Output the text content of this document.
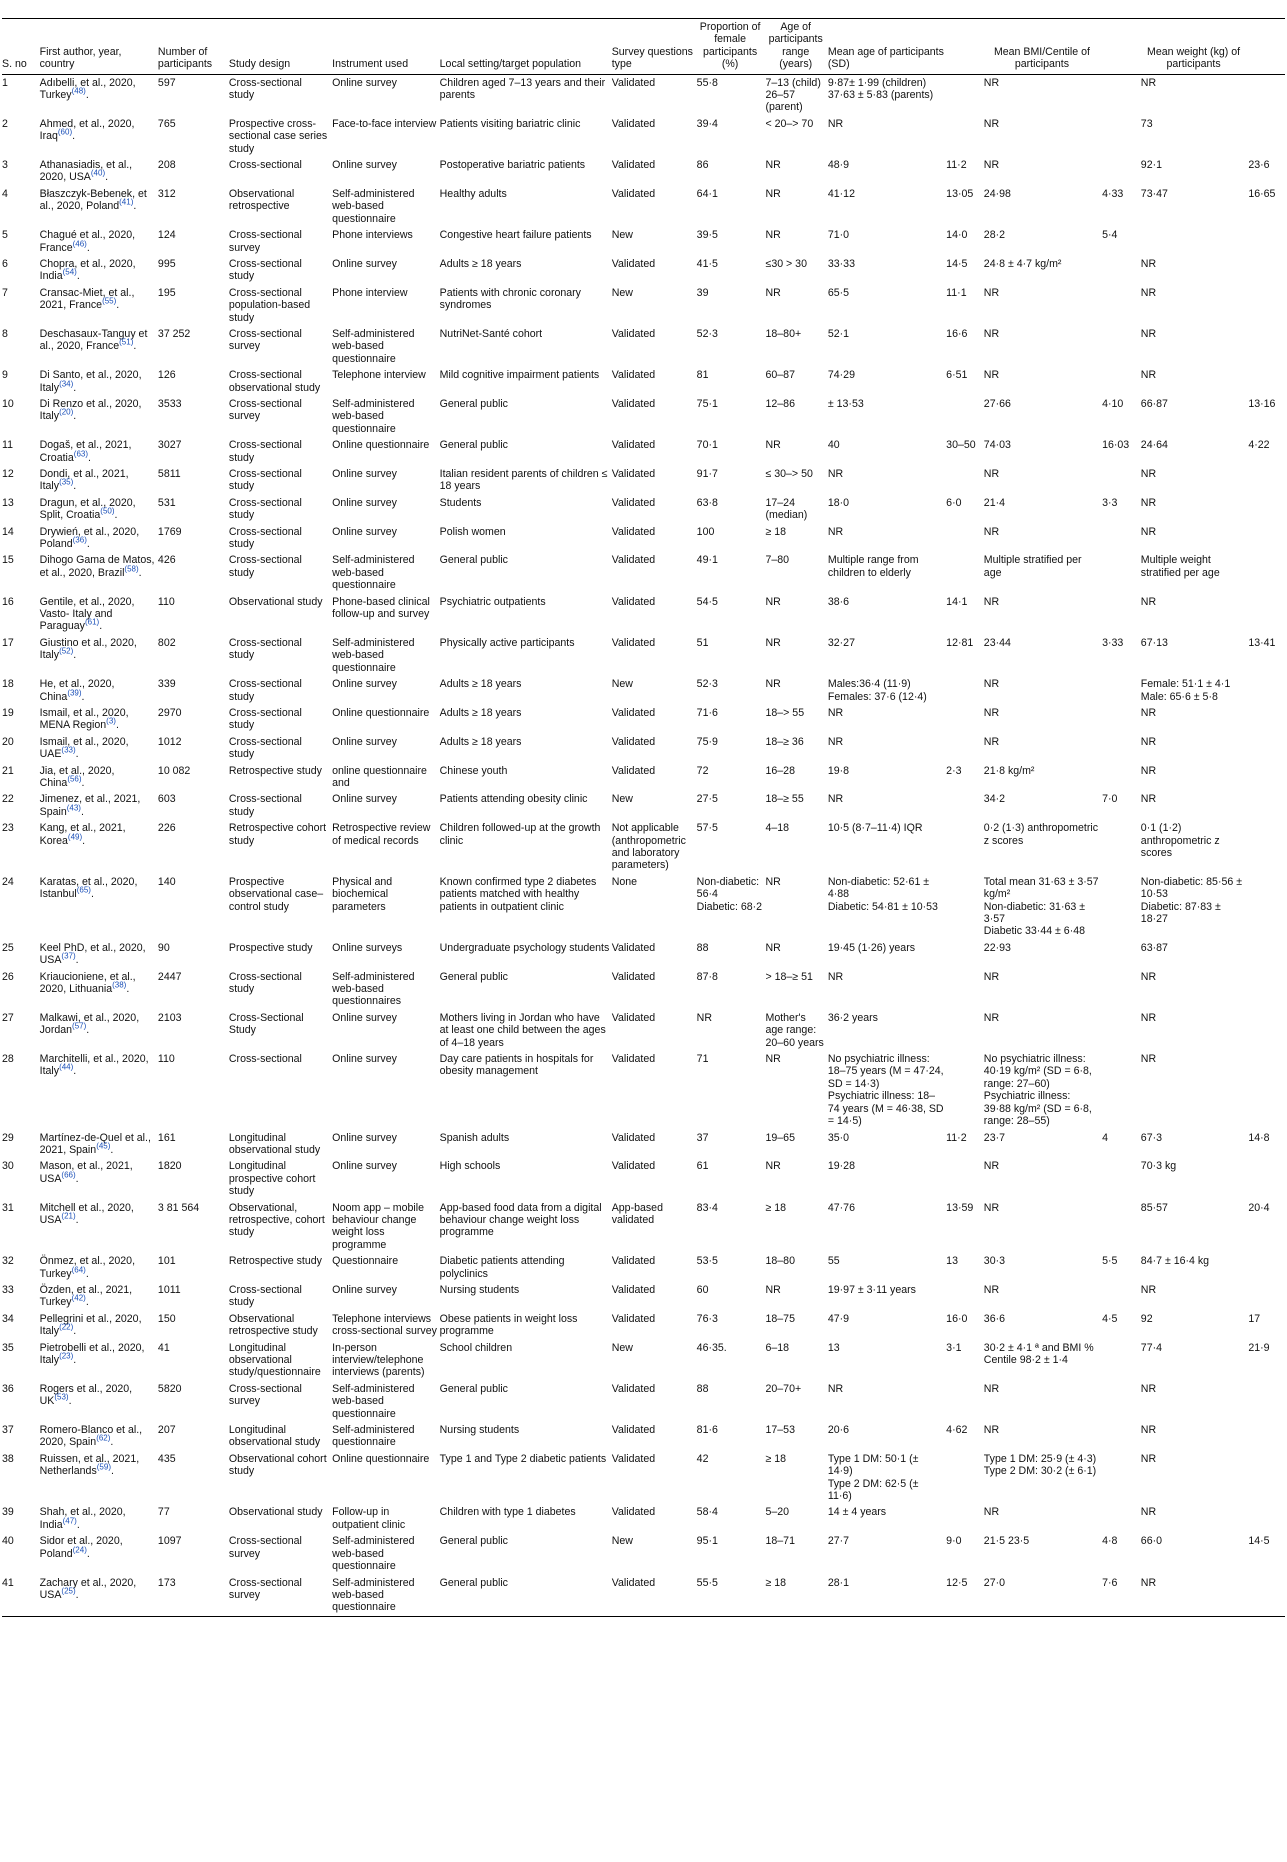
S. no	First author, year, country	Number of participants	Study design	Instrument used	Local setting/target population	Survey questions type	Proportion of female participants (%)	Age of participants range (years)	Mean age of participants (SD)		Mean BMI/Centile of participants		Mean weight (kg) of participants	
1	Adıbelli, et al., 2020, Turkey$^{(48)}$.	597	Cross-sectional study	Online survey	Children aged 7–13 years and their parents	Validated	55·8	7–13 (child)
26–57 (parent)	9·87± 1·99 (children)
37·63 ± 5·83 (parents)		NR		NR	
2	Ahmed, et al., 2020, Iraq$^{(60)}$.	765	Prospective cross-sectional case series study	Face-to-face interview	Patients visiting bariatric clinic	Validated	39·4	< 20–> 70	NR		NR		73	
3	Athanasiadis, et al., 2020, USA$^{(40)}$.	208	Cross-sectional	Online survey	Postoperative bariatric patients	Validated	86	NR	48·9	11·2	NR		92·1	23·6
4	Błaszczyk-Bebenek, et al., 2020, Poland$^{(41)}$.	312	Observational retrospective	Self-administered web-based questionnaire	Healthy adults	Validated	64·1	NR	41·12	13·05	24·98	4·33	73·47	16·65
5	Chagué et al., 2020, France$^{(46)}$.	124	Cross-sectional survey	Phone interviews	Congestive heart failure patients	New	39·5	NR	71·0	14·0	28·2	5·4		
6	Chopra, et al., 2020, India$^{(54)}$.	995	Cross-sectional study	Online survey	Adults ≥ 18 years	Validated	41·5	≤30 > 30	33·33	14·5	24·8 ± 4·7 kg/m²		NR	
7	Cransac-Miet, et al., 2021, France$^{(55)}$.	195	Cross-sectional population-based study	Phone interview	Patients with chronic coronary syndromes	New	39	NR	65·5	11·1	NR		NR	
8	Deschasaux-Tanguy et al., 2020, France$^{(51)}$.	37 252	Cross-sectional survey	Self-administered web-based questionnaire	NutriNet-Santé cohort	Validated	52·3	18–80+	52·1	16·6	NR		NR	
9	Di Santo, et al., 2020, Italy$^{(34)}$.	126	Cross-sectional observational study	Telephone interview	Mild cognitive impairment patients	Validated	81	60–87	74·29	6·51	NR		NR	
10	Di Renzo et al., 2020, Italy$^{(20)}$.	3533	Cross-sectional survey	Self-administered web-based questionnaire	General public	Validated	75·1	12–86	± 13·53		27·66	4·10	66·87	13·16
11	Dogaš, et al., 2021, Croatia$^{(63)}$.	3027	Cross-sectional study	Online questionnaire	General public	Validated	70·1	NR	40	30–50	74·03	16·03	24·64	4·22
12	Dondi, et al., 2021, Italy$^{(35)}$.	5811	Cross-sectional study	Online survey	Italian resident parents of children ≤ 18 years	Validated	91·7	≤ 30–> 50	NR		NR		NR	
13	Dragun, et al., 2020, Split, Croatia$^{(50)}$.	531	Cross-sectional study	Online survey	Students	Validated	63·8	17–24 (median)	18·0	6·0	21·4	3·3	NR	
14	Drywień, et al., 2020, Poland$^{(36)}$.	1769	Cross-sectional study	Online survey	Polish women	Validated	100	≥ 18	NR		NR		NR	
15	Dihogo Gama de Matos, et al., 2020, Brazil$^{(58)}$.	426	Cross-sectional study	Self-administered web-based questionnaire	General public	Validated	49·1	7–80	Multiple range from children to elderly		Multiple stratified per age		Multiple weight stratified per age	
16	Gentile, et al., 2020, Vasto- Italy and Paraguay$^{(61)}$.	110	Observational study	Phone-based clinical follow-up and survey	Psychiatric outpatients	Validated	54·5	NR	38·6	14·1	NR		NR	
17	Giustino et al., 2020, Italy$^{(52)}$.	802	Cross-sectional study	Self-administered web-based questionnaire	Physically active participants	Validated	51	NR	32·27	12·81	23·44	3·33	67·13	13·41
18	He, et al., 2020, China$^{(39)}$.	339	Cross-sectional study	Online survey	Adults ≥ 18 years	New	52·3	NR	Males:36·4 (11·9)
Females: 37·6 (12·4)		NR		Female: 51·1 ± 4·1
Male: 65·6 ± 5·8	
19	Ismail, et al., 2020, MENA Region$^{(3)}$.	2970	Cross-sectional study	Online questionnaire	Adults ≥ 18 years	Validated	71·6	18–> 55	NR		NR		NR	
20	Ismail, et al., 2020, UAE$^{(33)}$.	1012	Cross-sectional study	Online survey	Adults ≥ 18 years	Validated	75·9	18–≥ 36	NR		NR		NR	
21	Jia, et al., 2020, China$^{(56)}$.	10 082	Retrospective study	online questionnaire and	Chinese youth	Validated	72	16–28	19·8	2·3	21·8 kg/m²		NR	
22	Jimenez, et al., 2021, Spain$^{(43)}$.	603	Cross-sectional study	Online survey	Patients attending obesity clinic	New	27·5	18–≥ 55	NR		34·2	7·0	NR	
23	Kang, et al., 2021, Korea$^{(49)}$.	226	Retrospective cohort study	Retrospective review of medical records	Children followed-up at the growth clinic	Not applicable (anthropometric and laboratory parameters)	57·5	4–18	10·5 (8·7–11·4) IQR		0·2 (1·3) anthropometric z scores		0·1 (1·2) anthropometric z scores	
24	Karatas, et al., 2020, Istanbul$^{(65)}$.	140	Prospective observational case–control study	Physical and biochemical parameters	Known confirmed type 2 diabetes patients matched with healthy patients in outpatient clinic	None	Non-diabetic: 56·4
Diabetic: 68·2	NR	Non-diabetic: 52·61 ± 4·88
Diabetic: 54·81 ± 10·53		Total mean 31·63 ± 3·57 kg/m²
Non-diabetic: 31·63 ± 3·57
Diabetic 33·44 ± 6·48		Non-diabetic: 85·56 ± 10·53
Diabetic: 87·83 ± 18·27	
25	Keel PhD, et al., 2020, USA$^{(37)}$.	90	Prospective study	Online surveys	Undergraduate psychology students	Validated	88	NR	19·45 (1·26) years		22·93		63·87	
26	Kriaucioniene, et al., 2020, Lithuania$^{(38)}$.	2447	Cross-sectional study	Self-administered web-based questionnaires	General public	Validated	87·8	> 18–≥ 51	NR		NR		NR	
27	Malkawi, et al., 2020, Jordan$^{(57)}$.	2103	Cross-Sectional Study	Online survey	Mothers living in Jordan who have at least one child between the ages of 4–18 years	Validated	NR	Mother's age range: 20–60 years	36·2 years		NR		NR	
28	Marchitelli, et al., 2020, Italy$^{(44)}$.	110	Cross-sectional	Online survey	Day care patients in hospitals for obesity management	Validated	71	NR	No psychiatric illness: 18–75 years (M = 47·24, SD = 14·3)
Psychiatric illness: 18–74 years (M = 46·38, SD = 14·5)		No psychiatric illness: 40·19 kg/m² (SD = 6·8, range: 27–60)
Psychiatric illness: 39·88 kg/m² (SD = 6·8, range: 28–55)		NR	
29	Martínez-de-Quel et al., 2021, Spain$^{(45)}$.	161	Longitudinal observational study	Online survey	Spanish adults	Validated	37	19–65	35·0	11·2	23·7	4	67·3	14·8
30	Mason, et al., 2021, USA$^{(66)}$.	1820	Longitudinal prospective cohort study	Online survey	High schools	Validated	61	NR	19·28		NR		70·3 kg	
31	Mitchell et al., 2020, USA$^{(21)}$.	3 81 564	Observational, retrospective, cohort study	Noom app – mobile behaviour change weight loss programme	App-based food data from a digital behaviour change weight loss programme	App-based validated	83·4	≥ 18	47·76	13·59	NR		85·57	20·4
32	Önmez, et al., 2020, Turkey$^{(64)}$.	101	Retrospective study	Questionnaire	Diabetic patients attending polyclinics	Validated	53·5	18–80	55	13	30·3	5·5	84·7 ± 16·4 kg	
33	Özden, et al., 2021, Turkey$^{(42)}$.	1011	Cross-sectional study	Online survey	Nursing students	Validated	60	NR	19·97 ± 3·11 years		NR		NR	
34	Pellegrini et al., 2020, Italy$^{(22)}$.	150	Observational retrospective study	Telephone interviews cross-sectional survey	Obese patients in weight loss programme	Validated	76·3	18–75	47·9	16·0	36·6	4·5	92	17
35	Pietrobelli et al., 2020, Italy$^{(23)}$.	41	Longitudinal observational study/questionnaire	In-person interview/telephone interviews (parents)	School children	New	46·35.	6–18	13	3·1	30·2 ± 4·1 ª and BMI % Centile 98·2 ± 1·4		77·4	21·9
36	Rogers et al., 2020, UK$^{(53)}$.	5820	Cross-sectional survey	Self-administered web-based questionnaire	General public	Validated	88	20–70+	NR		NR		NR	
37	Romero-Blanco et al., 2020, Spain$^{(62)}$.	207	Longitudinal observational study	Self-administered questionnaire	Nursing students	Validated	81·6	17–53	20·6	4·62	NR		NR	
38	Ruissen, et al., 2021, Netherlands$^{(59)}$.	435	Observational cohort study	Online questionnaire	Type 1 and Type 2 diabetic patients	Validated	42	≥ 18	Type 1 DM: 50·1 (± 14·9)
Type 2 DM: 62·5 (± 11·6)		Type 1 DM: 25·9 (± 4·3)
Type 2 DM: 30·2 (± 6·1)		NR	
39	Shah, et al., 2020, India$^{(47)}$.	77	Observational study	Follow-up in outpatient clinic	Children with type 1 diabetes	Validated	58·4	5–20	14 ± 4 years		NR		NR	
40	Sidor et al., 2020, Poland$^{(24)}$.	1097	Cross-sectional survey	Self-administered web-based questionnaire	General public	New	95·1	18–71	27·7	9·0	21·5 23·5	4·8	66·0	14·5
41	Zachary et al., 2020, USA$^{(25)}$.	173	Cross-sectional survey	Self-administered web-based questionnaire	General public	Validated	55·5	≥ 18	28·1	12·5	27·0	7·6	NR	
